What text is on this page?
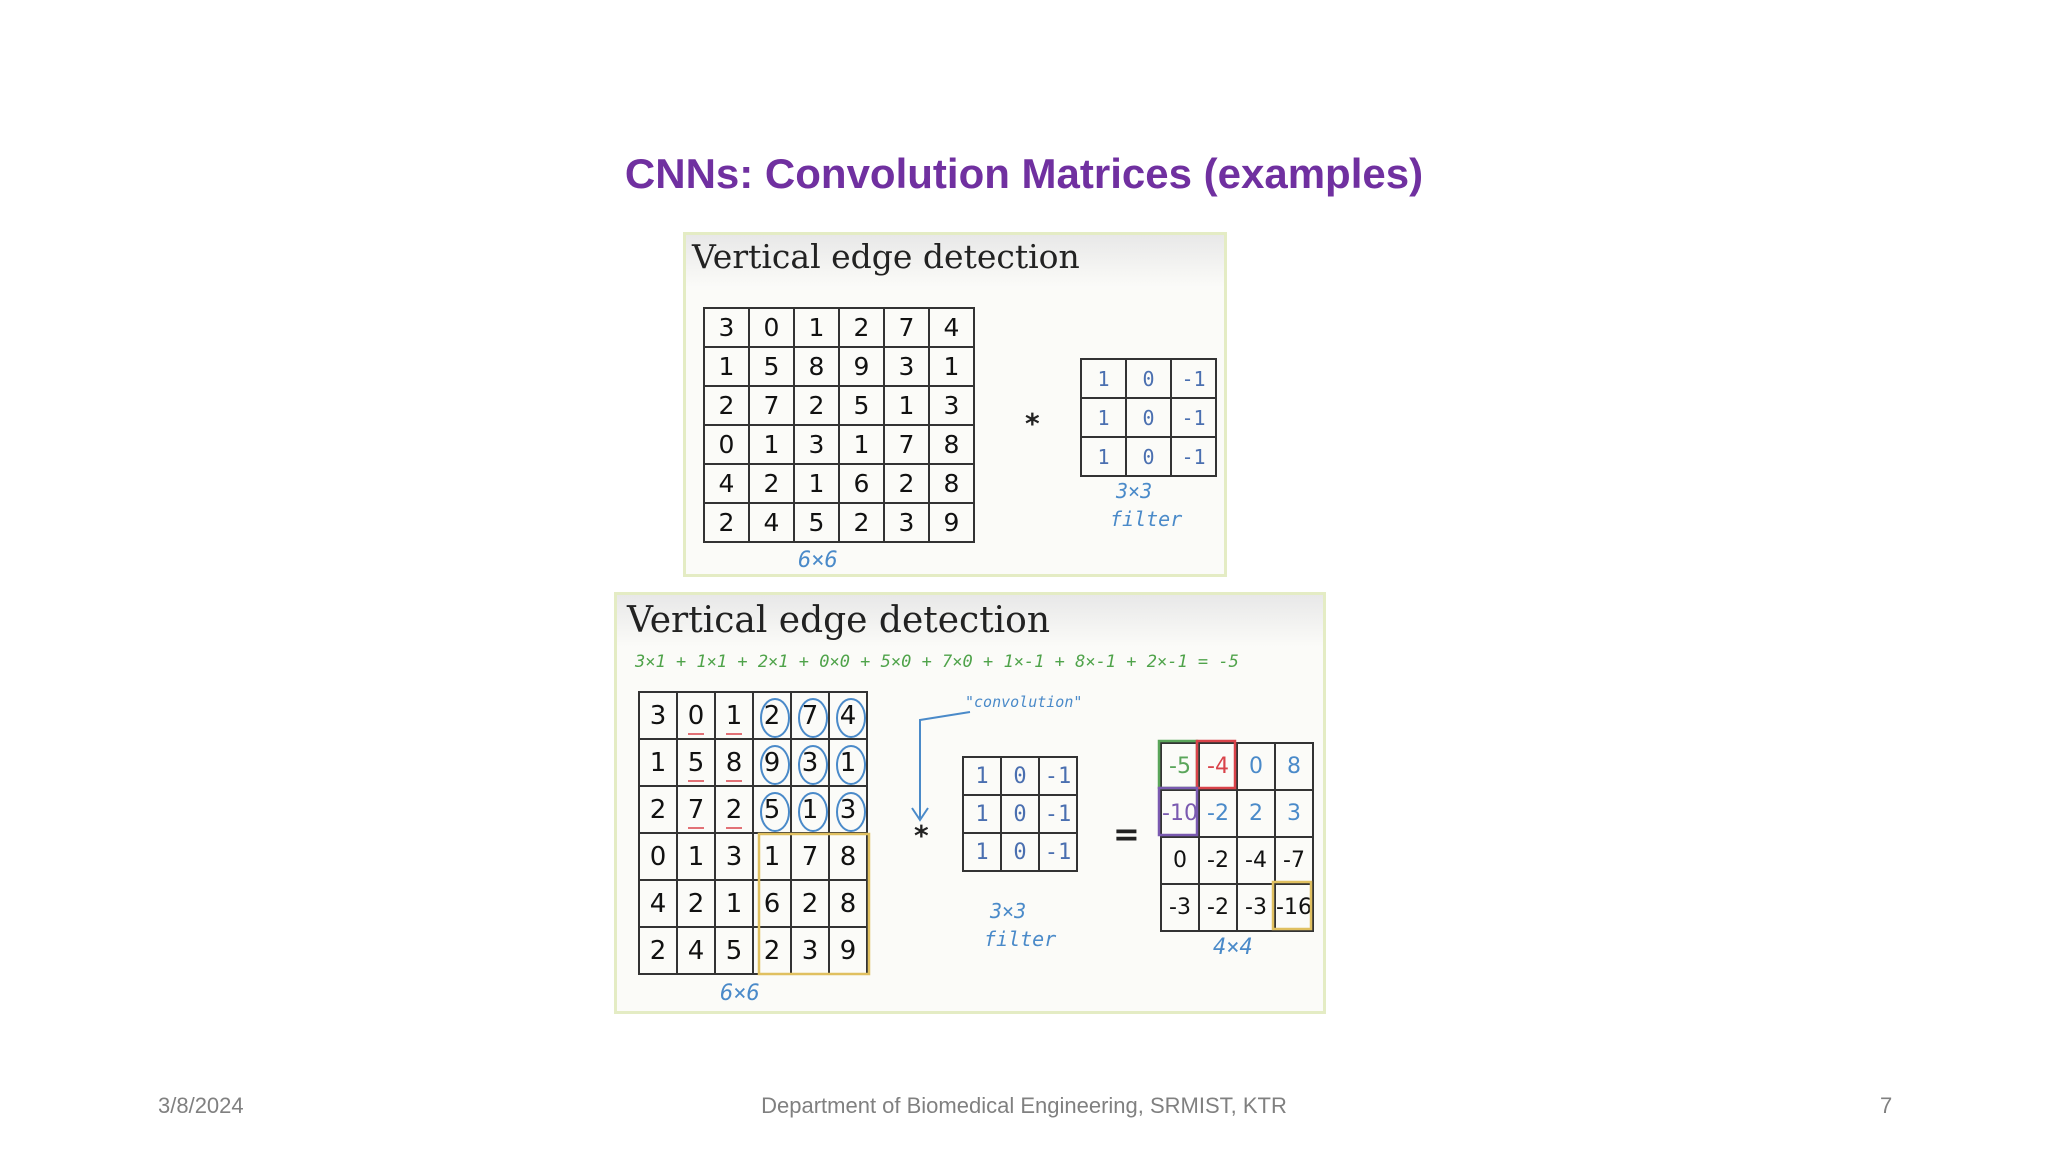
CNNs: Convolution Matrices (examples)
Vertical edge detection
3	0	1	2	7	4
1	5	8	9	3	1
2	7	2	5	1	3
0	1	3	1	7	8
4	2	1	6	2	8
2	4	5	2	3	9
6×6
*
1	0	-1
1	0	-1
1	0	-1
3×3
filter
Vertical edge detection
3×1 + 1×1 + 2×1 + 0×0 + 5×0 + 7×0 + 1×-1 + 8×-1 + 2×-1 = -5
"convolution"
3	0	1	2	7	4
1	5	8	9	3	1
2	7	2	5	1	3
0	1	3	1	7	8
4	2	1	6	2	8
2	4	5	2	3	9
6×6
*
1	0	-1
1	0	-1
1	0	-1
3×3
filter
=
-5	-4	0	8
-10	-2	2	3
0	-2	-4	-7
-3	-2	-3	-16
4×4
3/8/2024	Department of Biomedical Engineering, SRMIST, KTR	7
